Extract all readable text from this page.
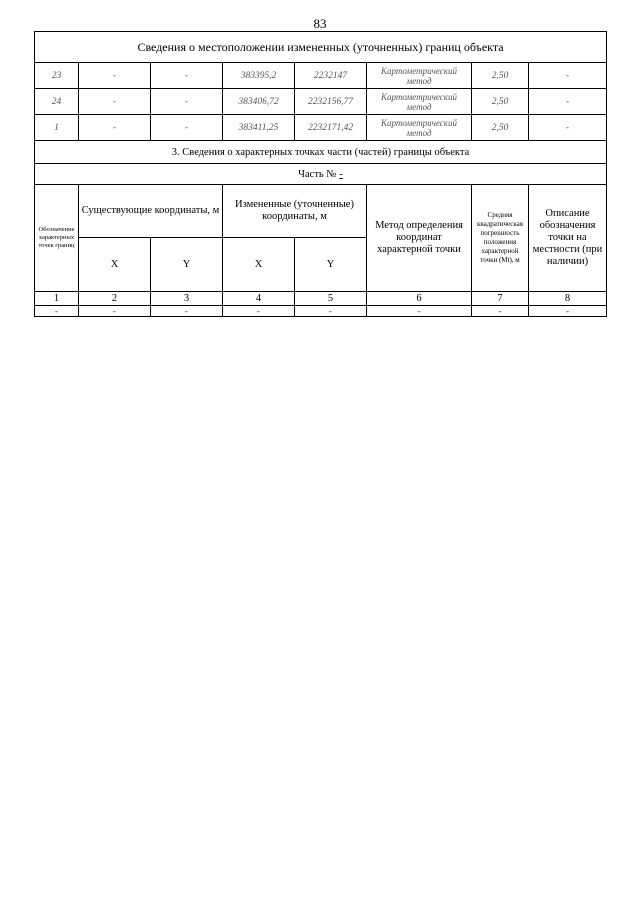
83
Сведения о местоположении измененных (уточненных) границ объекта							
23	-	-	383395,2	2232147	Картометрический метод	2,50	-
24	-	-	383406,72	2232156,77	Картометрический метод	2,50	-
1	-	-	383411,25	2232171,42	Картометрический метод	2,50	-
3. Сведения о характерных точках части (частей) границы объекта							
Часть № -							
Обозначение характерных точек границ	Существующие координаты, м		Измененные (уточненные) координаты, м		Метод определения координат характерной точки	Средняя квадратическая погрешность положения характерной точки (Мt), м	Описание обозначения точки на местности (при наличии)
	X	Y	X	Y			
1	2	3	4	5	6	7	8
-	-	-	-	-	-	-	-
